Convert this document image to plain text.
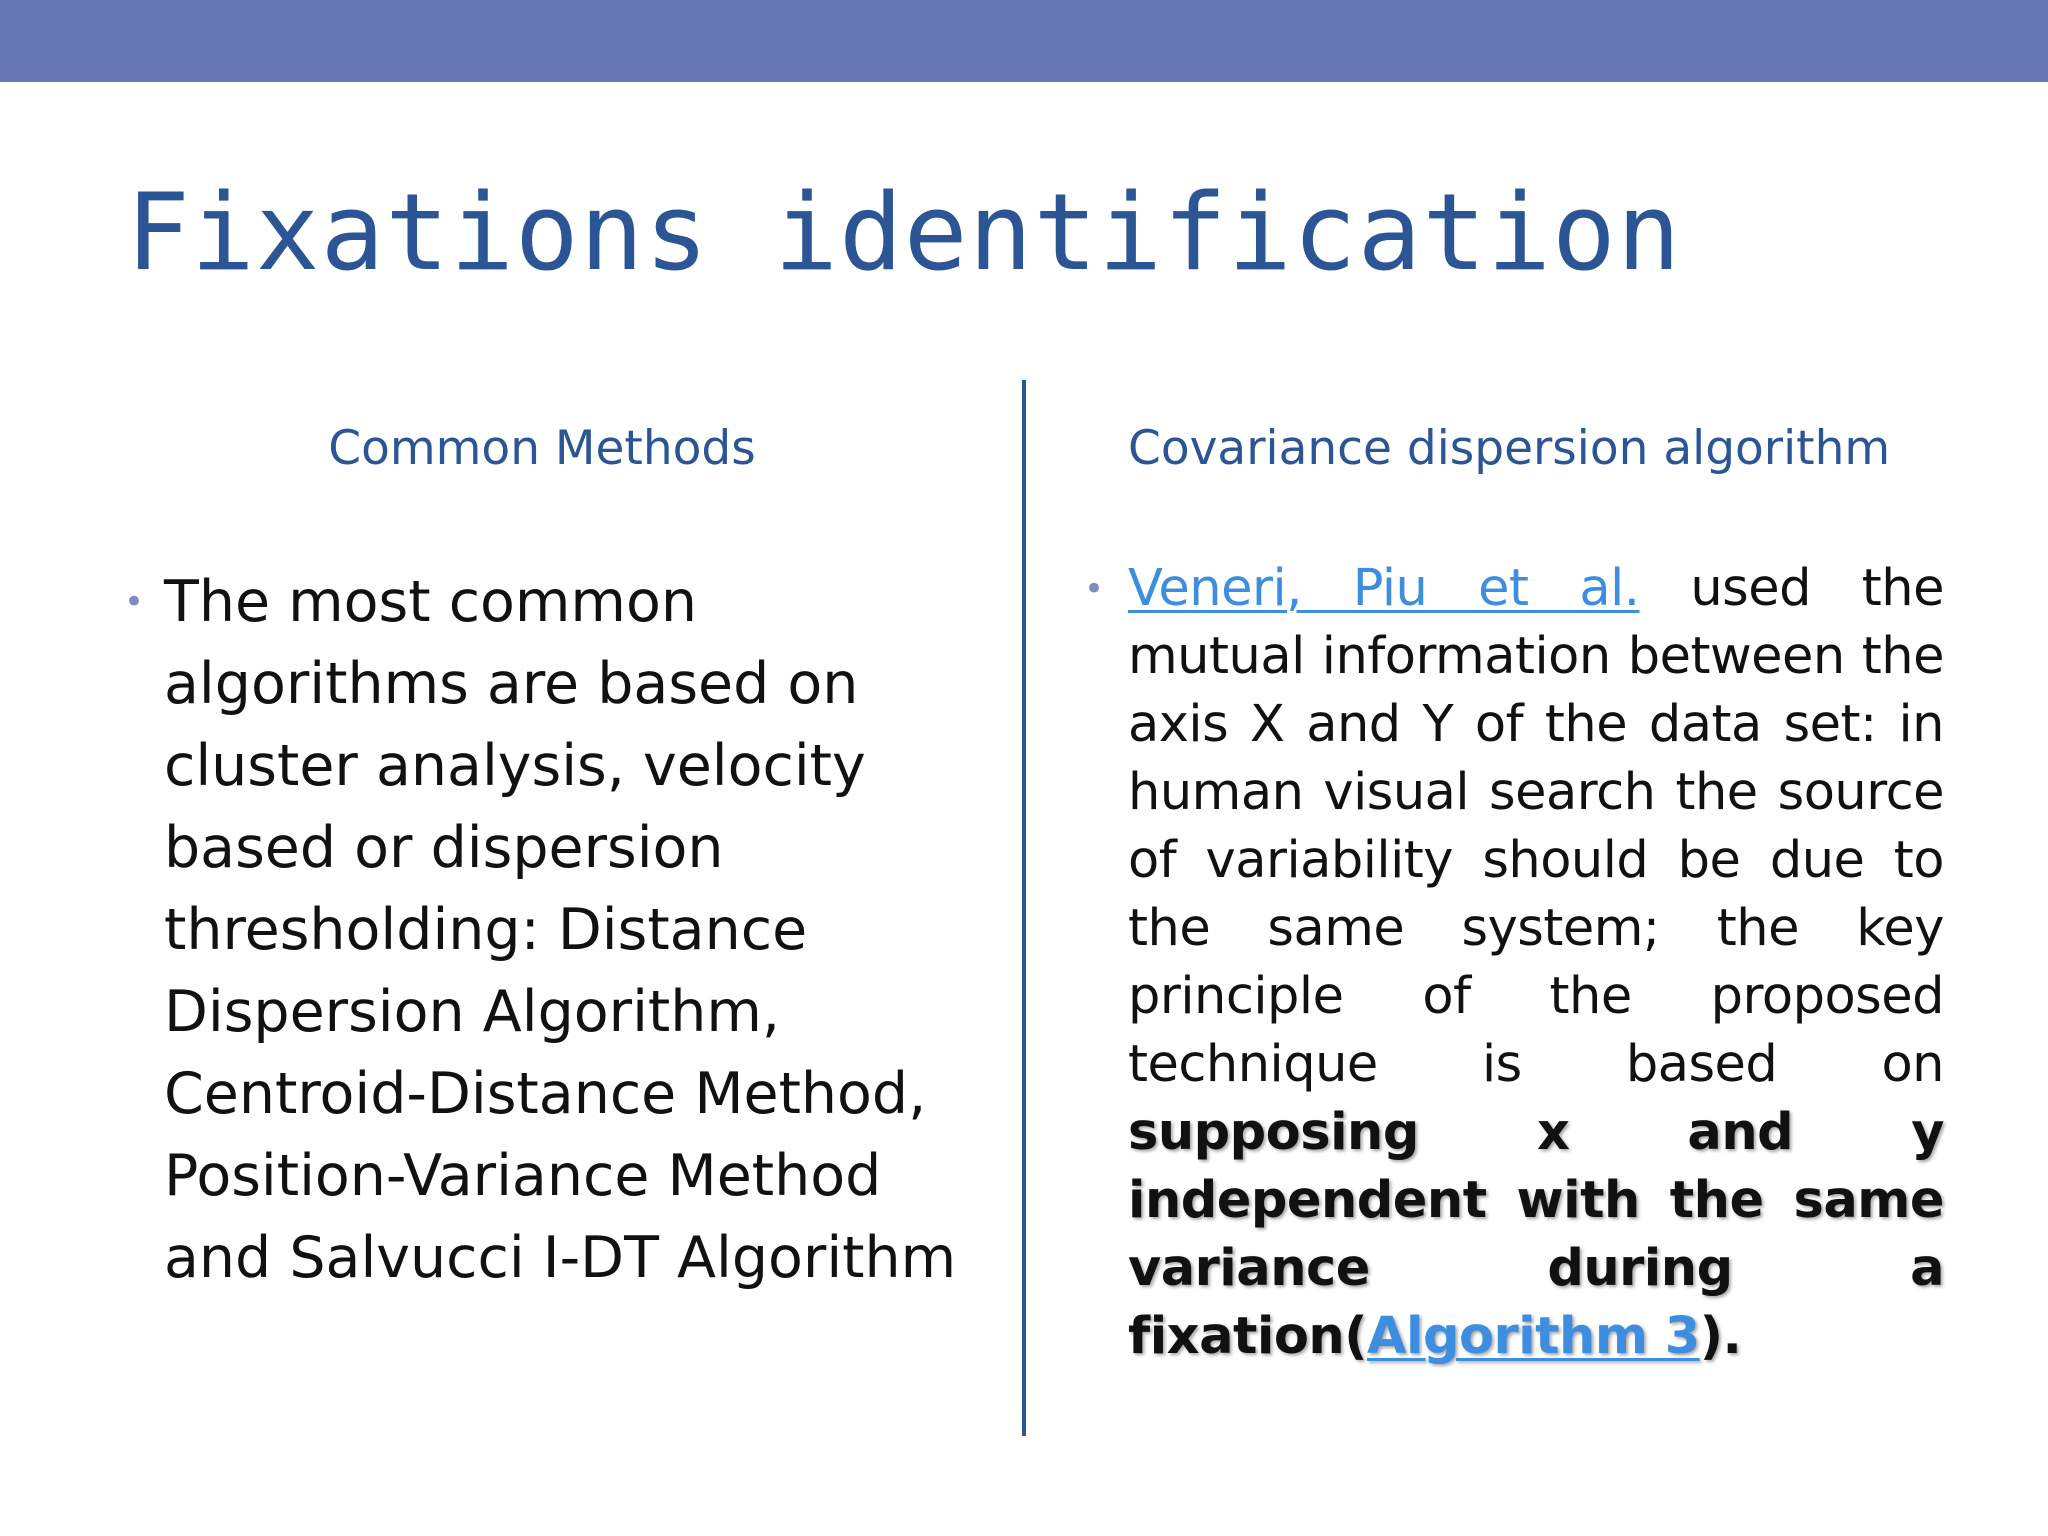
Fixations identification
Common Methods	Covariance dispersion algorithm
• The most common algorithms are based on cluster analysis, velocity based or dispersion thresholding: Distance Dispersion Algorithm, Centroid-Distance Method, Position-Variance Method and Salvucci I-DT Algorithm

• Veneri, Piu et al. used the mutual information between the axis X and Y of the data set: in human visual search the source of variability should be due to the same system; the key principle of the proposed technique is based on supposing x and y independent with the same variance during a fixation(Algorithm 3).
